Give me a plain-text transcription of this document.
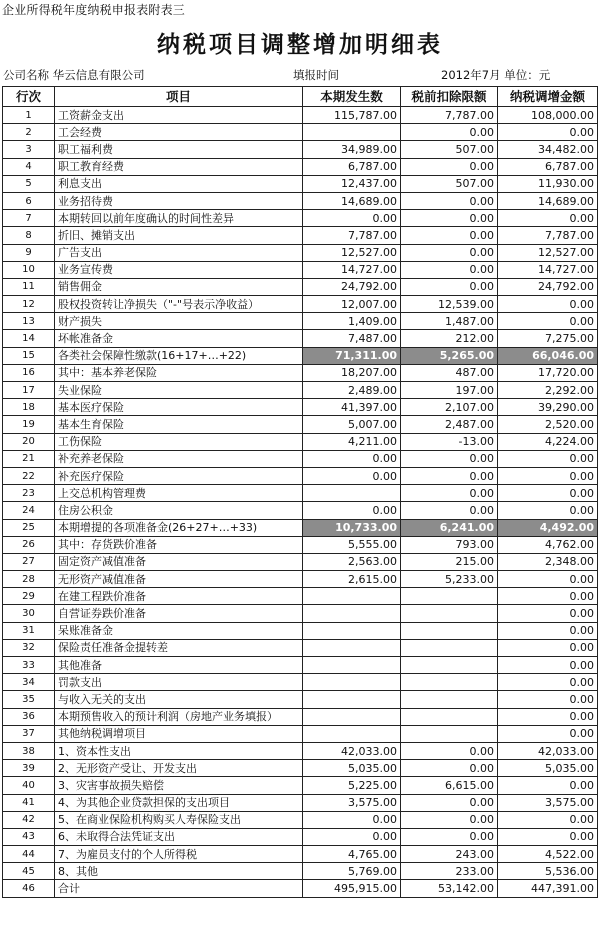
企业所得税年度纳税申报表附表三
纳税项目调整增加明细表
公司名称 华云信息有限公司	填报时间	2012年7月 单位：元
行次	项目	本期发生数	税前扣除限额	纳税调增金额
1	工资薪金支出	115,787.00	7,787.00	108,000.00
2	工会经费		0.00	0.00
3	职工福利费	34,989.00	507.00	34,482.00
4	职工教育经费	6,787.00	0.00	6,787.00
5	利息支出	12,437.00	507.00	11,930.00
6	业务招待费	14,689.00	0.00	14,689.00
7	本期转回以前年度确认的时间性差异	0.00	0.00	0.00
8	折旧、摊销支出	7,787.00	0.00	7,787.00
9	广告支出	12,527.00	0.00	12,527.00
10	业务宣传费	14,727.00	0.00	14,727.00
11	销售佣金	24,792.00	0.00	24,792.00
12	股权投资转让净损失（"-"号表示净收益）	12,007.00	12,539.00	0.00
13	财产损失	1,409.00	1,487.00	0.00
14	坏帐准备金	7,487.00	212.00	7,275.00
15	各类社会保障性缴款(16+17+…+22)	71,311.00	5,265.00	66,046.00
16	其中：基本养老保险	18,207.00	487.00	17,720.00
17	失业保险	2,489.00	197.00	2,292.00
18	基本医疗保险	41,397.00	2,107.00	39,290.00
19	基本生育保险	5,007.00	2,487.00	2,520.00
20	工伤保险	4,211.00	-13.00	4,224.00
21	补充养老保险	0.00	0.00	0.00
22	补充医疗保险	0.00	0.00	0.00
23	上交总机构管理费		0.00	0.00
24	住房公积金	0.00	0.00	0.00
25	本期增提的各项准备金(26+27+…+33)	10,733.00	6,241.00	4,492.00
26	其中：存货跌价准备	5,555.00	793.00	4,762.00
27	固定资产减值准备	2,563.00	215.00	2,348.00
28	无形资产减值准备	2,615.00	5,233.00	0.00
29	在建工程跌价准备			0.00
30	自营证券跌价准备			0.00
31	呆账准备金			0.00
32	保险责任准备金提转差			0.00
33	其他准备			0.00
34	罚款支出			0.00
35	与收入无关的支出			0.00
36	本期预售收入的预计利润（房地产业务填报）			0.00
37	其他纳税调增项目			0.00
38	1、资本性支出	42,033.00	0.00	42,033.00
39	2、无形资产受让、开发支出	5,035.00	0.00	5,035.00
40	3、灾害事故损失赔偿	5,225.00	6,615.00	0.00
41	4、为其他企业贷款担保的支出项目	3,575.00	0.00	3,575.00
42	5、在商业保险机构购买人寿保险支出	0.00	0.00	0.00
43	6、未取得合法凭证支出	0.00	0.00	0.00
44	7、为雇员支付的个人所得税	4,765.00	243.00	4,522.00
45	8、其他	5,769.00	233.00	5,536.00
46	合计	495,915.00	53,142.00	447,391.00
